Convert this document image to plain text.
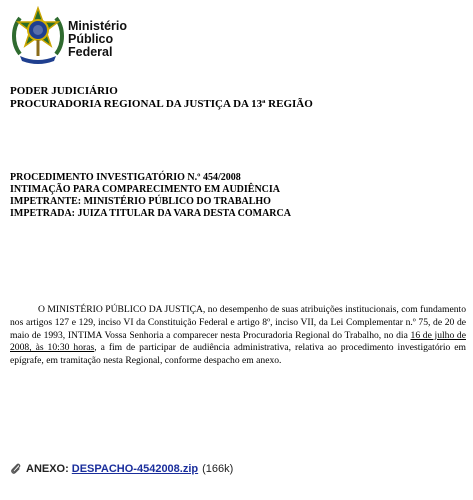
Ministério
Público
Federal
PODER JUDICIÁRIO
PROCURADORIA REGIONAL DA JUSTIÇA DA 13ª REGIÃO
PROCEDIMENTO INVESTIGATÓRIO N.º 454/2008
INTIMAÇÃO PARA COMPARECIMENTO EM AUDIÊNCIA
IMPETRANTE: MINISTÉRIO PÚBLICO DO TRABALHO
IMPETRADA: JUIZA TITULAR DA VARA DESTA COMARCA

O MINISTÉRIO PÚBLICO DA JUSTIÇA, no desempenho de suas atribuições institucionais, com fundamento nos artigos 127 e 129, inciso VI da Constituição Federal e artigo 8º, inciso VII, da Lei Complementar n.º 75, de 20 de maio de 1993, INTIMA Vossa Senhoria a comparecer nesta Procuradoria Regional do Trabalho, no dia 16 de julho de 2008, às 10:30 horas, a fim de participar de audiência administrativa, relativa ao procedimento investigatório em epígrafe, em tramitação nesta Regional, conforme despacho em anexo.

ANEXO: DESPACHO-4542008.zip (166k)
